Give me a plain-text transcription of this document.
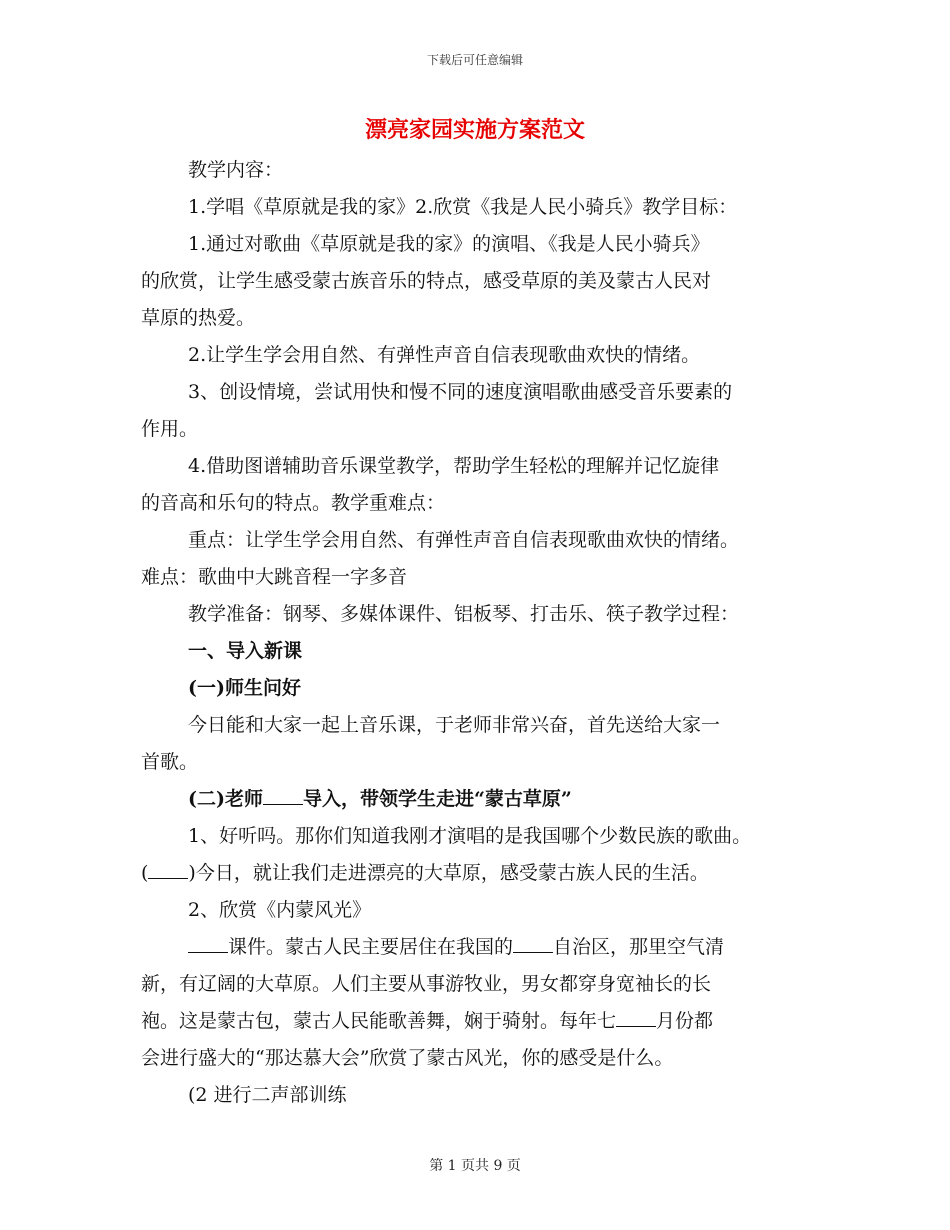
下载后可任意编辑
漂亮家园实施方案范文
教学内容：
1.学唱《草原就是我的家》2.欣赏《我是人民小骑兵》教学目标：
1.通过对歌曲《草原就是我的家》的演唱、《我是人民小骑兵》
的欣赏，让学生感受蒙古族音乐的特点，感受草原的美及蒙古人民对
草原的热爱。
2.让学生学会用自然、有弹性声音自信表现歌曲欢快的情绪。
3、创设情境，尝试用快和慢不同的速度演唱歌曲感受音乐要素的
作用。
4.借助图谱辅助音乐课堂教学，帮助学生轻松的理解并记忆旋律
的音高和乐句的特点。教学重难点：
重点：让学生学会用自然、有弹性声音自信表现歌曲欢快的情绪。
难点：歌曲中大跳音程一字多音
教学准备：钢琴、多媒体课件、铝板琴、打击乐、筷子教学过程：
一、导入新课
(一)师生问好
今日能和大家一起上音乐课，于老师非常兴奋，首先送给大家一
首歌。
(二)老师 导入，带领学生走进“蒙古草原”
1、好听吗。那你们知道我刚才演唱的是我国哪个少数民族的歌曲。
( )今日，就让我们走进漂亮的大草原，感受蒙古族人民的生活。
2、欣赏《内蒙风光》
课件。蒙古人民主要居住在我国的 自治区，那里空气清
新，有辽阔的大草原。人们主要从事游牧业，男女都穿身宽袖长的长
袍。这是蒙古包，蒙古人民能歌善舞，娴于骑射。每年七 月份都
会进行盛大的“那达慕大会”欣赏了蒙古风光，你的感受是什么。
(2 进行二声部训练
第 1 页共 9 页
